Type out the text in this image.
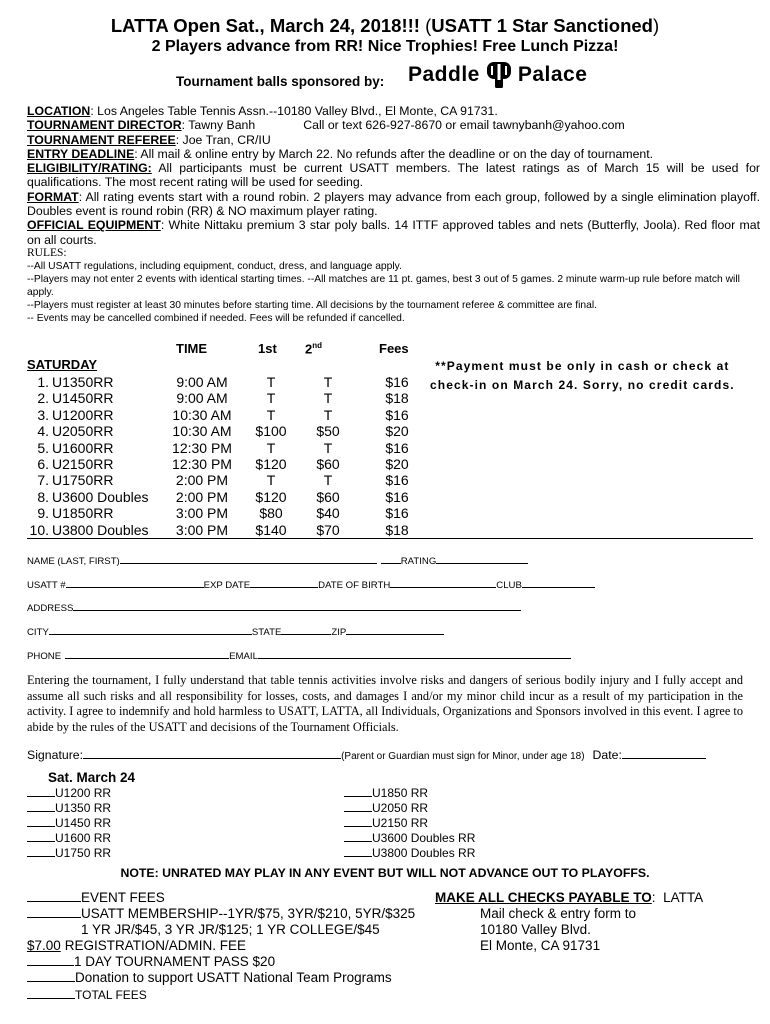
LATTA Open Sat., March 24, 2018!!! (USATT 1 Star Sanctioned)
2 Players advance from RR! Nice Trophies! Free Lunch Pizza!
Tournament balls sponsored by: Paddle Palace

LOCATION: Los Angeles Table Tennis Assn.--10180 Valley Blvd., El Monte, CA 91731.

TOURNAMENT DIRECTOR: Tawny Banh	Call or text 626-927-8670 or email tawnybanh@yahoo.com

TOURNAMENT REFEREE: Joe Tran, CR/IU

ENTRY DEADLINE: All mail & online entry by March 22. No refunds after the deadline or on the day of tournament.

ELIGIBILITY/RATING: All participants must be current USATT members. The latest ratings as of March 15 will be used for qualifications. The most recent rating will be used for seeding.

FORMAT: All rating events start with a round robin. 2 players may advance from each group, followed by a single elimination playoff. Doubles event is round robin (RR) & NO maximum player rating.

OFFICIAL EQUIPMENT: White Nittaku premium 3 star poly balls. 14 ITTF approved tables and nets (Butterfly, Joola). Red floor mat on all courts.

RULES:

--All USATT regulations, including equipment, conduct, dress, and language apply.

--Players may not enter 2 events with identical starting times. --All matches are 11 pt. games, best 3 out of 5 games. 2 minute warm-up rule before match will apply.

--Players must register at least 30 minutes before starting time. All decisions by the tournament referee & committee are final.

-- Events may be cancelled combined if needed. Fees will be refunded if cancelled.

TIME	1st 2nd	Fees
SATURDAY	**Payment must be only in cash or check at
check-in on March 24. Sorry, no credit cards.
1. U1350RR	9:00 AM	T	T	$16
2. U1450RR	9:00 AM	T	T	$18
3. U1200RR	10:30 AM	T	T	$16
4. U2050RR	10:30 AM	$100	$50	$20
5. U1600RR	12:30 PM	T	T	$16
6. U2150RR	12:30 PM	$120	$60	$20
7. U1750RR	2:00 PM	T	T	$16
8. U3600 Doubles	2:00 PM	$120	$60	$16
9. U1850RR	3:00 PM	$80	$40	$16
10. U3800 Doubles	3:00 PM	$140	$70	$18
NAME (LAST, FIRST)	RATING
USATT #	EXP DATE	DATE OF BIRTH	CLUB
ADDRESS
CITY	STATE	ZIP
PHONE	EMAIL
Entering the tournament, I fully understand that table tennis activities involve risks and dangers of serious bodily injury and I fully accept and assume all such risks and all responsibility for losses, costs, and damages I and/or my minor child incur as a result of my participation in the activity. I agree to indemnify and hold harmless to USATT, LATTA, all Individuals, Organizations and Sponsors involved in this event. I agree to abide by the rules of the USATT and decisions of the Tournament Officials.
Signature:	(Parent or Guardian must sign for Minor, under age 18) Date:
Sat. March 24
U1200 RR
U1350 RR
U1450 RR
U1600 RR
U1750 RR
U1850 RR
U2050 RR
U2150 RR
U3600 Doubles RR
U3800 Doubles RR
NOTE: UNRATED MAY PLAY IN ANY EVENT BUT WILL NOT ADVANCE OUT TO PLAYOFFS.
EVENT FEES
USATT MEMBERSHIP--1YR/$75, 3YR/$210, 5YR/$325
1 YR JR/$45, 3 YR JR/$125; 1 YR COLLEGE/$45
$7.00 REGISTRATION/ADMIN. FEE
1 DAY TOURNAMENT PASS $20
Donation to support USATT National Team Programs
TOTAL FEES
MAKE ALL CHECKS PAYABLE TO:  LATTA
Mail check & entry form to
10180 Valley Blvd.
El Monte, CA 91731
